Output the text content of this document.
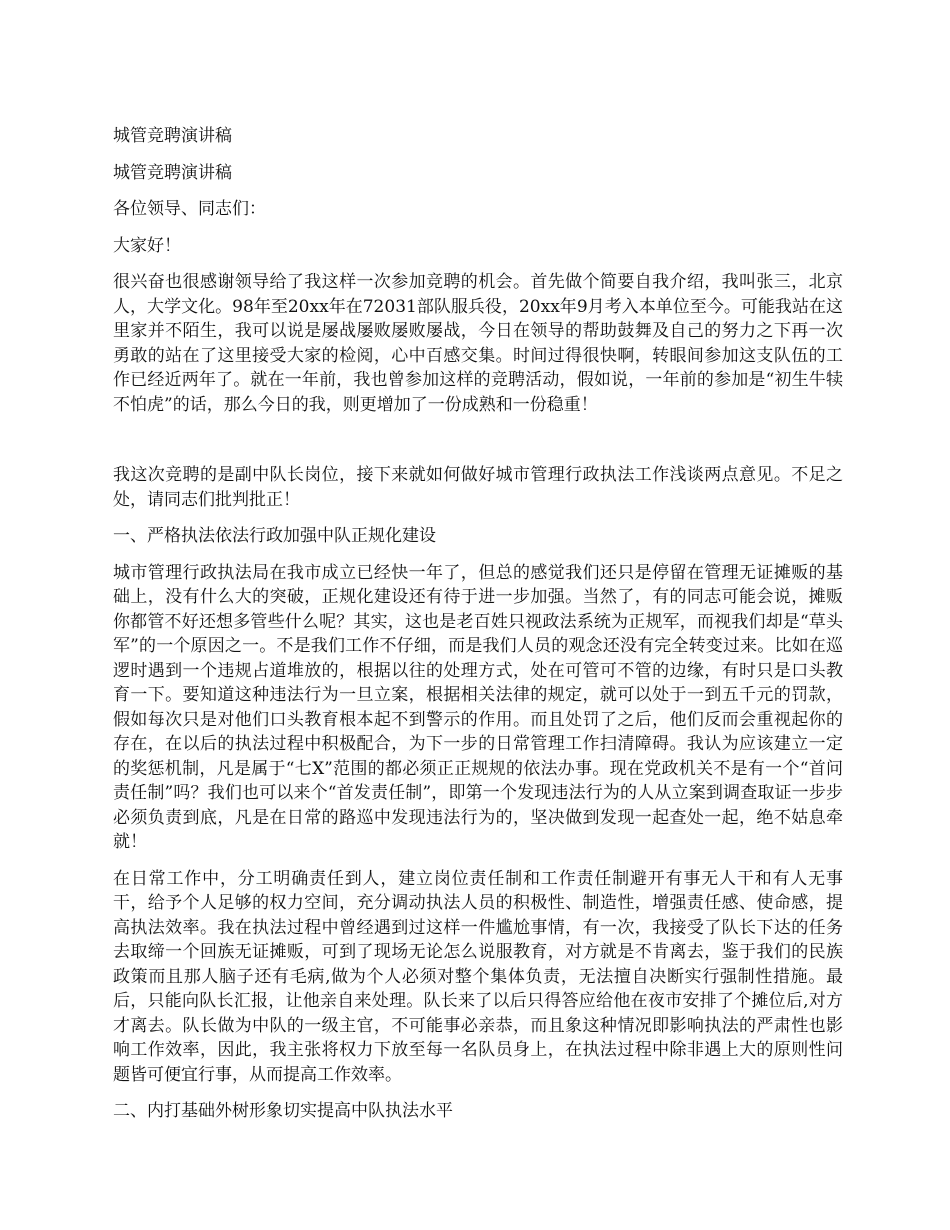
城管竞聘演讲稿

城管竞聘演讲稿

各位领导、同志们：

大家好！

很兴奋也很感谢领导给了我这样一次参加竞聘的机会。首先做个简要自我介绍，我叫张三，北京人，大学文化。98年至20xx年在72031部队服兵役，20xx年9月考入本单位至今。可能我站在这里家并不陌生，我可以说是屡战屡败屡败屡战，今日在领导的帮助鼓舞及自己的努力之下再一次勇敢的站在了这里接受大家的检阅，心中百感交集。时间过得很快啊，转眼间参加这支队伍的工作已经近两年了。就在一年前，我也曾参加这样的竞聘活动，假如说，一年前的参加是“初生牛犊不怕虎”的话，那么今日的我，则更增加了一份成熟和一份稳重！

我这次竞聘的是副中队长岗位，接下来就如何做好城市管理行政执法工作浅谈两点意见。不足之处，请同志们批判批正！

一、严格执法依法行政加强中队正规化建设

城市管理行政执法局在我市成立已经快一年了，但总的感觉我们还只是停留在管理无证摊贩的基础上，没有什么大的突破，正规化建设还有待于进一步加强。当然了，有的同志可能会说，摊贩你都管不好还想多管些什么呢？其实，这也是老百姓只视政法系统为正规军，而视我们却是“草头军”的一个原因之一。不是我们工作不仔细，而是我们人员的观念还没有完全转变过来。比如在巡逻时遇到一个违规占道堆放的，根据以往的处理方式，处在可管可不管的边缘，有时只是口头教育一下。要知道这种违法行为一旦立案，根据相关法律的规定，就可以处于一到五千元的罚款，假如每次只是对他们口头教育根本起不到警示的作用。而且处罚了之后，他们反而会重视起你的存在，在以后的执法过程中积极配合，为下一步的日常管理工作扫清障碍。我认为应该建立一定的奖惩机制，凡是属于“七X”范围的都必须正正规规的依法办事。现在党政机关不是有一个“首问责任制”吗？我们也可以来个“首发责任制”，即第一个发现违法行为的人从立案到调查取证一步步必须负责到底，凡是在日常的路巡中发现违法行为的，坚决做到发现一起查处一起，绝不姑息牵就！

在日常工作中，分工明确责任到人，建立岗位责任制和工作责任制避开有事无人干和有人无事干，给予个人足够的权力空间，充分调动执法人员的积极性、制造性，增强责任感、使命感，提高执法效率。我在执法过程中曾经遇到过这样一件尴尬事情，有一次，我接受了队长下达的任务去取缔一个回族无证摊贩，可到了现场无论怎么说服教育，对方就是不肯离去，鉴于我们的民族政策而且那人脑子还有毛病,做为个人必须对整个集体负责，无法擅自决断实行强制性措施。最后，只能向队长汇报，让他亲自来处理。队长来了以后只得答应给他在夜市安排了个摊位后,对方才离去。队长做为中队的一级主官，不可能事必亲恭，而且象这种情况即影响执法的严肃性也影响工作效率，因此，我主张将权力下放至每一名队员身上，在执法过程中除非遇上大的原则性问题皆可便宜行事，从而提高工作效率。

二、内打基础外树形象切实提高中队执法水平
